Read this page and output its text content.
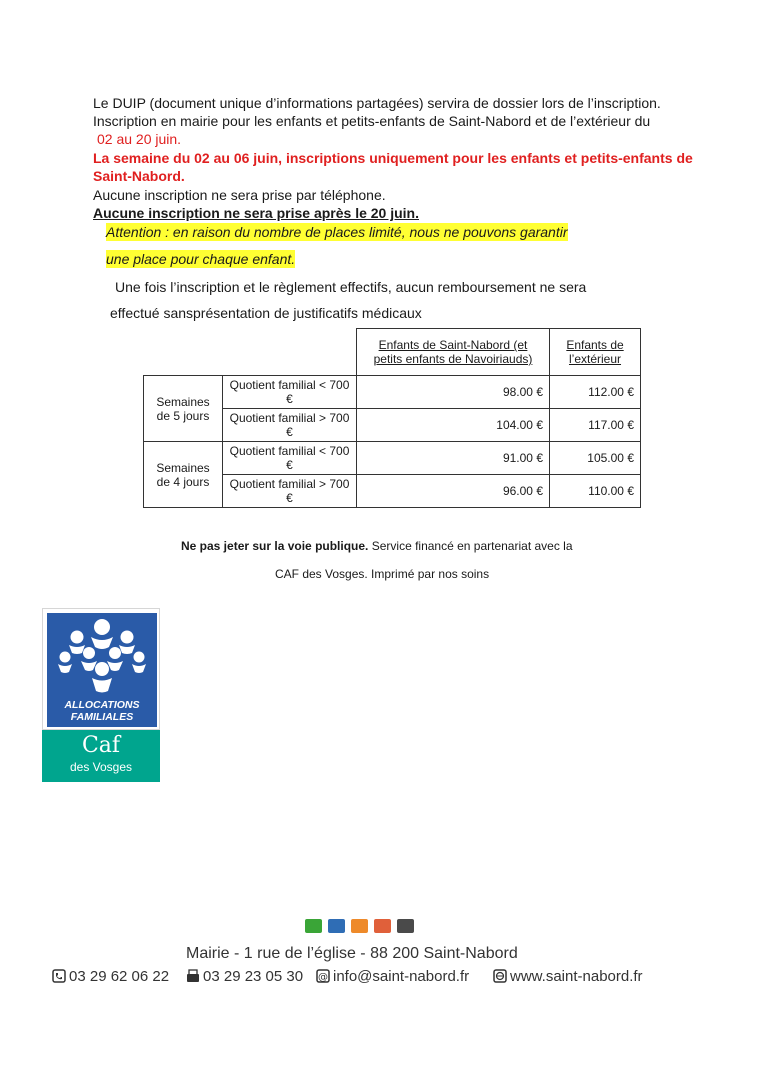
Le DUIP (document unique d’informations partagées) servira de dossier lors de l’inscription.
Inscription en mairie pour les enfants et petits-enfants de Saint-Nabord et de l’extérieur du
02 au 20 juin.
La semaine du 02 au 06 juin, inscriptions uniquement pour les enfants et petits-enfants de
Saint-Nabord.
Aucune inscription ne sera prise par téléphone.
Aucune inscription ne sera prise après le 20 juin.
Attention : en raison du nombre de places limité, nous ne pouvons garantir
une place pour chaque enfant.
Une fois l’inscription et le règlement effectifs, aucun remboursement ne sera
effectué sansprésentation de justificatifs médicaux
		Enfants de Saint-Nabord (et petits enfants de Navoiriauds)	Enfants de l’extérieur
Semaines de 5 jours	Quotient familial < 700 €	98.00 €	112.00 €
	Quotient familial > 700 €	104.00 €	117.00 €
Semaines de 4 jours	Quotient familial < 700 €	91.00 €	105.00 €
	Quotient familial > 700 €	96.00 €	110.00 €
Ne pas jeter sur la voie publique. Service financé en partenariat avec la
CAF des Vosges. Imprimé par nos soins
ALLOCATIONS
FAMILIALES
Caf
des Vosges
Mairie - 1 rue de l’église - 88 200 Saint-Nabord
03 29 62 06 22	03 29 23 05 30 @ info@saint-nabord.fr	www.saint-nabord.fr
